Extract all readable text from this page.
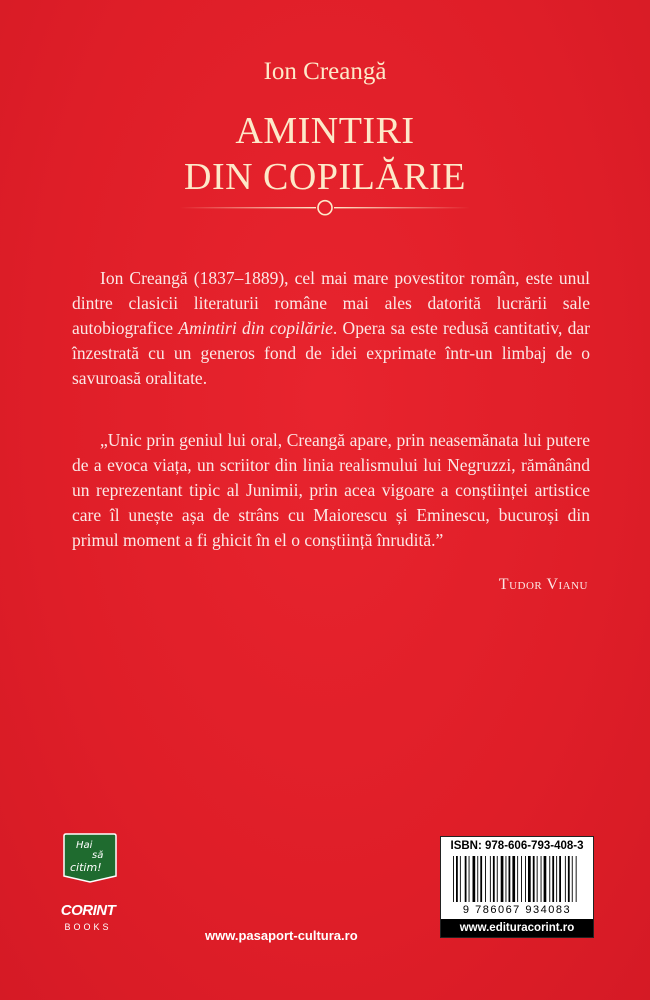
Ion Creangă
AMINTIRI
DIN COPILĂRIE

Ion Creangă (1837–1889), cel mai mare povestitor român, este unul dintre clasicii literaturii române mai ales datorită lucrării sale autobiografice Amintiri din copilărie. Opera sa este redusă cantitativ, dar înzestrată cu un generos fond de idei exprimate într-un limbaj de o savuroasă oralitate.

„Unic prin geniul lui oral, Creangă apare, prin neasemănata lui putere de a evoca viața, un scriitor din linia realismului lui Negruzzi, rămânând un reprezentant tipic al Junimii, prin acea vigoare a conștiinței artistice care îl unește așa de strâns cu Maiorescu și Eminescu, bucuroși din primul moment a fi ghicit în el o conștiință înrudită.”

Tudor Vianu
Hai
să
citim!
CORINT
BOOKS
www.pasaport-cultura.ro
ISBN: 978-606-793-408-3
9 786067 934083
www.edituracorint.ro
